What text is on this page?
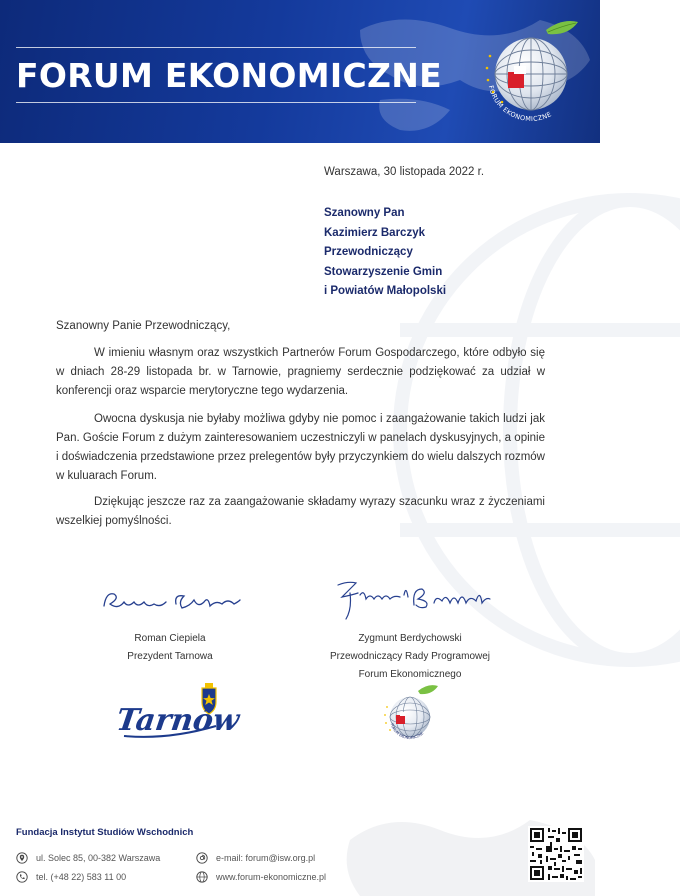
FORUM EKONOMICZNE	FORUM EKONOMICZNE
Warszawa, 30 listopada 2022 r.
Szanowny Pan
Kazimierz Barczyk
Przewodniczący
Stowarzyszenie Gmin
i Powiatów Małopolski
Szanowny Panie Przewodniczący,

W imieniu własnym oraz wszystkich Partnerów Forum Gospodarczego, które odbyło się w dniach 28-29 listopada br. w Tarnowie, pragniemy serdecznie podziękować za udział w konferencji oraz wsparcie merytoryczne tego wydarzenia.

Owocna dyskusja nie byłaby możliwa gdyby nie pomoc i zaangażowanie takich ludzi jak Pan. Goście Forum z dużym zainteresowaniem uczestniczyli w panelach dyskusyjnych, a opinie i doświadczenia przedstawione przez prelegentów były przyczynkiem do wielu dalszych rozmów w kuluarach Forum.

Dziękując jeszcze raz za zaangażowanie składamy wyrazy szacunku wraz z życzeniami wszelkiej pomyślności.

Roman Ciepiela
Prezydent Tarnowa
Zygmunt Berdychowski
Przewodniczący Rady Programowej
Forum Ekonomicznego
Tarnów	FORUM EKONOMICZNE
Fundacja Instytut Studiów Wschodnich
ul. Solec 85, 00-382 Warszawa
tel. (+48 22) 583 11 00
e-mail: forum@isw.org.pl
www.forum-ekonomiczne.pl
